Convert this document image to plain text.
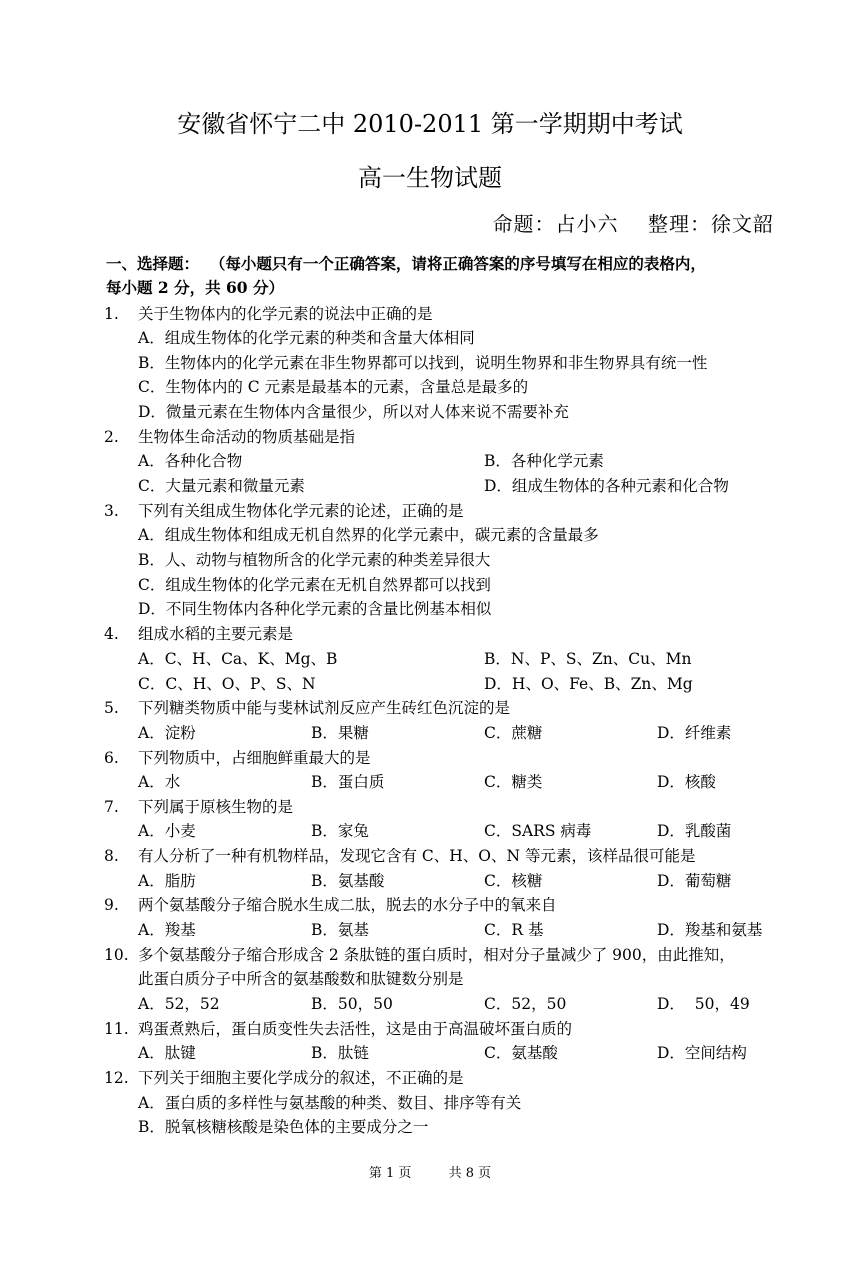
安徽省怀宁二中 2010-2011 第一学期期中考试
高一生物试题
命题：占小六 整理：徐文韶
一、选择题： （每小题只有一个正确答案，请将正确答案的序号填写在相应的表格内，
每小题 2 分，共 60 分）
1.	关于生物体内的化学元素的说法中正确的是
A．组成生物体的化学元素的种类和含量大体相同
B．生物体内的化学元素在非生物界都可以找到，说明生物界和非生物界具有统一性
C．生物体内的 C 元素是最基本的元素，含量总是最多的
D．微量元素在生物体内含量很少，所以对人体来说不需要补充
2.	生物体生命活动的物质基础是指
A．各种化合物	B．各种化学元素
C．大量元素和微量元素	D．组成生物体的各种元素和化合物
3.	下列有关组成生物体化学元素的论述，正确的是
A．组成生物体和组成无机自然界的化学元素中，碳元素的含量最多
B．人、动物与植物所含的化学元素的种类差异很大
C．组成生物体的化学元素在无机自然界都可以找到
D．不同生物体内各种化学元素的含量比例基本相似
4.	组成水稻的主要元素是
A．C、H、Ca、K、Mg、B	B．N、P、S、Zn、Cu、Mn
C．C、H、O、P、S、N	D．H、O、Fe、B、Zn、Mg
5.	下列糖类物质中能与斐林试剂反应产生砖红色沉淀的是
A．淀粉	B．果糖	C．蔗糖	D．纤维素
6.	下列物质中，占细胞鲜重最大的是
A．水	B．蛋白质	C．糖类	D．核酸
7.	下列属于原核生物的是
A．小麦	B．家兔	C．SARS 病毒	D．乳酸菌
8.	有人分析了一种有机物样品，发现它含有 C、H、O、N 等元素，该样品很可能是
A．脂肪	B．氨基酸	C．核糖	D．葡萄糖
9.	两个氨基酸分子缩合脱水生成二肽，脱去的水分子中的氧来自
A．羧基	B．氨基	C．R 基	D．羧基和氨基
10. 多个氨基酸分子缩合形成含 2 条肽链的蛋白质时，相对分子量减少了 900，由此推知，
此蛋白质分子中所含的氨基酸数和肽键数分别是
A．52，52	B．50，50	C．52，50	D．  50，49
11. 鸡蛋煮熟后，蛋白质变性失去活性，这是由于高温破坏蛋白质的
A．肽键	B．肽链	C．氨基酸	D．空间结构
12. 下列关于细胞主要化学成分的叙述，不正确的是
A．蛋白质的多样性与氨基酸的种类、数目、排序等有关
B．脱氧核糖核酸是染色体的主要成分之一
第 1 页	共 8 页
